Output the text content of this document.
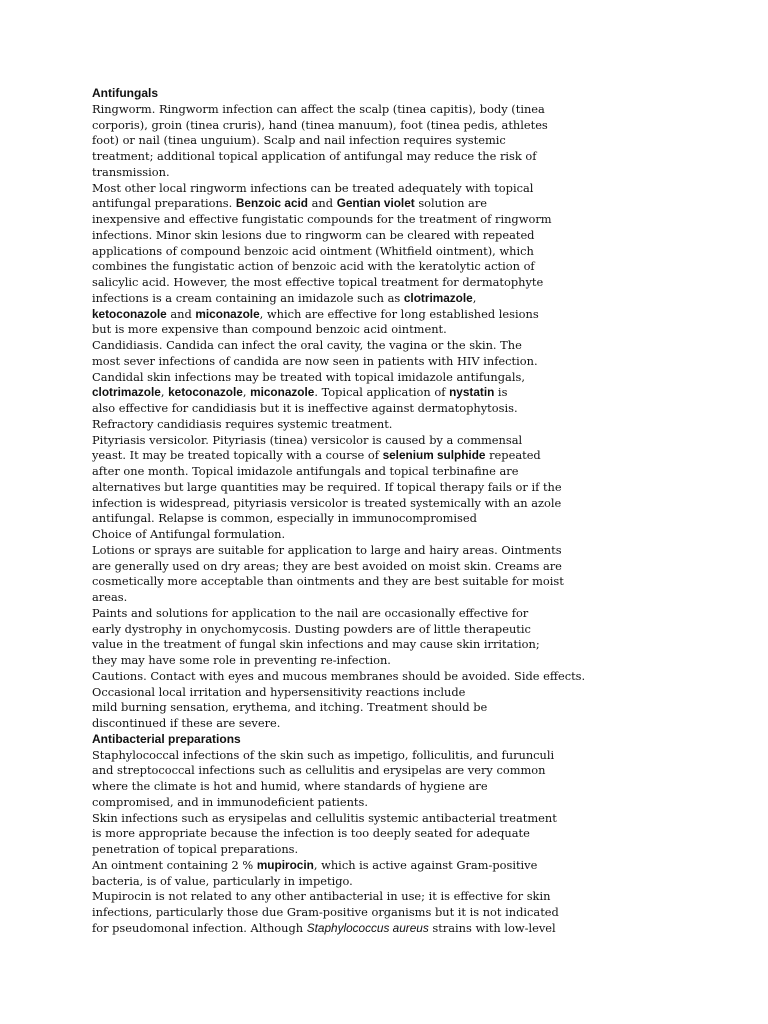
Antifungals
Ringworm. Ringworm infection can affect the scalp (tinea capitis), body (tinea
corporis), groin (tinea cruris), hand (tinea manuum), foot (tinea pedis, athletes
foot) or nail (tinea unguium). Scalp and nail infection requires systemic
treatment; additional topical application of antifungal may reduce the risk of
transmission.
Most other local ringworm infections can be treated adequately with topical
antifungal preparations. Benzoic acid and Gentian violet solution are
inexpensive and effective fungistatic compounds for the treatment of ringworm
infections. Minor skin lesions due to ringworm can be cleared with repeated
applications of compound benzoic acid ointment (Whitfield ointment), which
combines the fungistatic action of benzoic acid with the keratolytic action of
salicylic acid. However, the most effective topical treatment for dermatophyte
infections is a cream containing an imidazole such as clotrimazole,
ketoconazole and miconazole, which are effective for long established lesions
but is more expensive than compound benzoic acid ointment.
Candidiasis. Candida can infect the oral cavity, the vagina or the skin. The
most sever infections of candida are now seen in patients with HIV infection.
Candidal skin infections may be treated with topical imidazole antifungals,
clotrimazole, ketoconazole, miconazole. Topical application of nystatin is
also effective for candidiasis but it is ineffective against dermatophytosis.
Refractory candidiasis requires systemic treatment.
Pityriasis versicolor. Pityriasis (tinea) versicolor is caused by a commensal
yeast. It may be treated topically with a course of selenium sulphide repeated
after one month. Topical imidazole antifungals and topical terbinafine are
alternatives but large quantities may be required. If topical therapy fails or if the
infection is widespread, pityriasis versicolor is treated systemically with an azole
antifungal. Relapse is common, especially in immunocompromised
Choice of Antifungal formulation.
Lotions or sprays are suitable for application to large and hairy areas. Ointments
are generally used on dry areas; they are best avoided on moist skin. Creams are
cosmetically more acceptable than ointments and they are best suitable for moist
areas.
Paints and solutions for application to the nail are occasionally effective for
early dystrophy in onychomycosis. Dusting powders are of little therapeutic
value in the treatment of fungal skin infections and may cause skin irritation;
they may have some role in preventing re-infection.
Cautions. Contact with eyes and mucous membranes should be avoided. Side effects.
Occasional local irritation and hypersensitivity reactions include
mild burning sensation, erythema, and itching. Treatment should be
discontinued if these are severe.
Antibacterial preparations
Staphylococcal infections of the skin such as impetigo, folliculitis, and furunculi
and streptococcal infections such as cellulitis and erysipelas are very common
where the climate is hot and humid, where standards of hygiene are
compromised, and in immunodeficient patients.
Skin infections such as erysipelas and cellulitis systemic antibacterial treatment
is more appropriate because the infection is too deeply seated for adequate
penetration of topical preparations.
An ointment containing 2 % mupirocin, which is active against Gram-positive
bacteria, is of value, particularly in impetigo.
Mupirocin is not related to any other antibacterial in use; it is effective for skin
infections, particularly those due Gram-positive organisms but it is not indicated
for pseudomonal infection. Although Staphylococcus aureus strains with low-level
